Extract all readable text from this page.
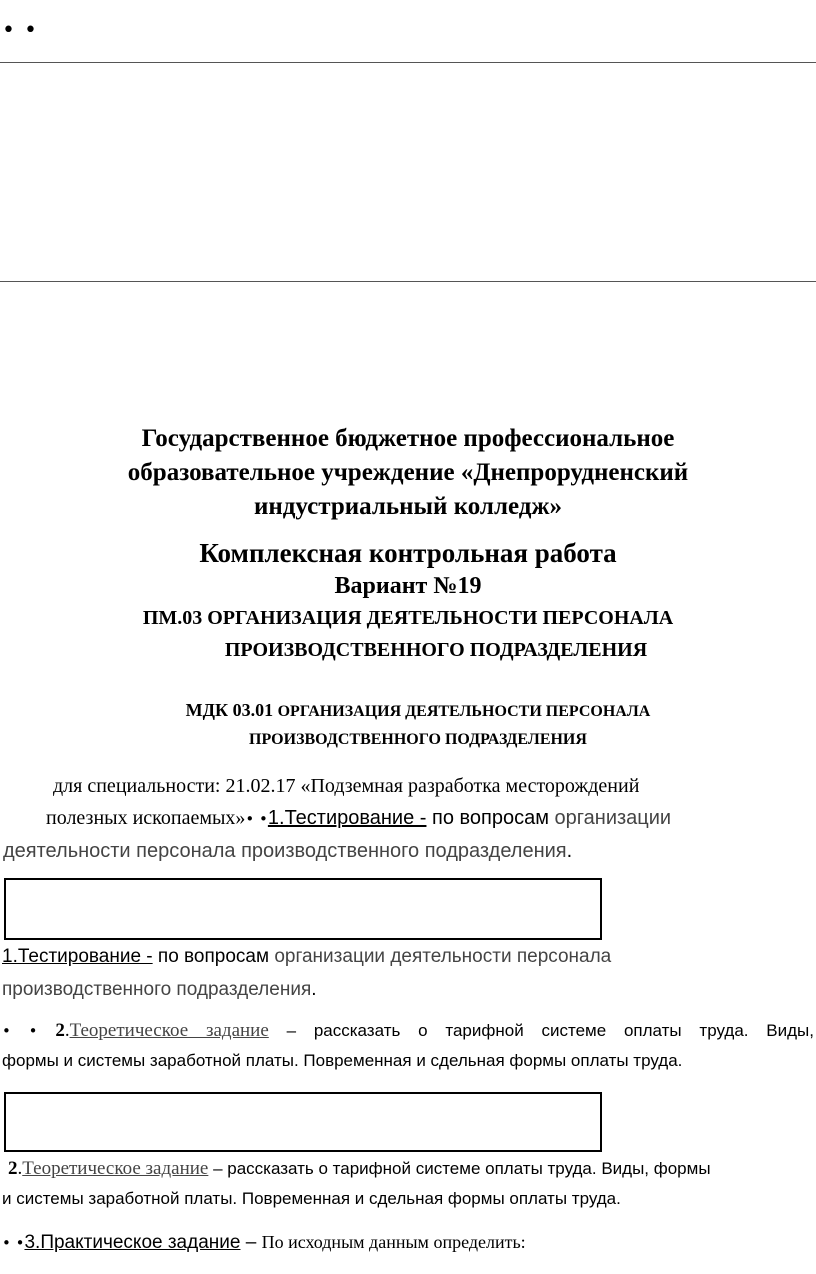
• •
Государственное бюджетное профессиональное
образовательное учреждение «Днепрорудненский
индустриальный колледж»
Комплексная контрольная работа
Вариант №19
ПМ.03 ОРГАНИЗАЦИЯ ДЕЯТЕЛЬНОСТИ ПЕРСОНАЛА
ПРОИЗВОДСТВЕННОГО ПОДРАЗДЕЛЕНИЯ
МДК 03.01 ОРГАНИЗАЦИЯ ДЕЯТЕЛЬНОСТИ ПЕРСОНАЛА
ПРОИЗВОДСТВЕННОГО ПОДРАЗДЕЛЕНИЯ
для специальности: 21.02.17 «Подземная разработка месторождений
полезных ископаемых»• •1.Тестирование - по вопросам организации
деятельности персонала производственного подразделения.
1.Тестирование - по вопросам организации деятельности персонала
производственного подразделения.
• • 2.Теоретическое задание – рассказать о тарифной системе оплаты труда. Виды,
формы и системы заработной платы. Повременная и сдельная формы оплаты труда.
2.Теоретическое задание – рассказать о тарифной системе оплаты труда. Виды, формы
и системы заработной платы. Повременная и сдельная формы оплаты труда.
• •3.Практическое задание – По исходным данным определить:
